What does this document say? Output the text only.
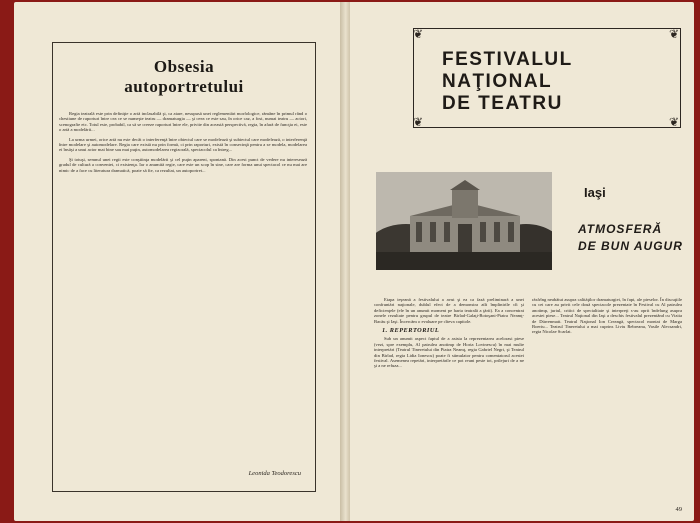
Obsesia
autoportretului

Regia teatrală este prin definiţie o artă inclasabilă şi, ca atare, nesupusă unei reglementări morfologice, rămâne în primul rând o chestiune de raporturi între cea ce se numeşte teatru — dramaturgia — şi ceea ce este sau, în orice caz, a fost, numai teatru — actori, scenografie etc. Totul este, probabil, ca să se creeze raporturi între ele, privite din această perspectivă, regia, în afară de funcţia ei, este o artă a modelării...

La urma urmei, orice artă nu este decât o interferenţă între obiectul care se modelează şi subiectul care modelează, o interferenţă între modelare şi automodelare. Regia care există nu prin formă, ci prin raporturi, există în consecinţă pentru a se modela, modelarea ei însăşi a unui actor mai bine sau mai puţin, automodelarea regizorală, spectacolul ca întreg...

Şi totuşi, semnul unei regii este conştiinţa modelării şi cel puţin aparent, spontană. Din acest punct de vedere nu interesează gradul de cultură a conventei, ci existenţa. Iar o anumită regie, care este un scop în sine, care are forma unui spectacol ce nu mai are nimic de a face cu literatura dramatică, poate să fie, ca rezultat, un autoportret...

Leonida Teodorescu
❦	❦
❦	❦
FESTIVALUL
NAŢIONAL
DE TEATRU
Iaşi
ATMOSFERĂ
DE BUN AUGUR

Etapa ieşeană a festivalului a avut şi ea ca fază preliminară a unei confruntări naţionale, dublul efect de a demonstra atît împlinirile cît şi deficienţele (ele în un anumit moment pe harta teatrală a ţării). Ea a concentrat zonele rezultate pentru grupul de teatre Birlad-Galaţi-Botoşani-Piatra Neamţ-Bacău şi Iaşi. Încercăm o evaluare pe cîteva capitole.

1. REPERTORIUL

Sub un anumit aspect faptul de a asista la reprezentarea acelorasi piese (vezi, spre exemplu, Al patrulea anotimp de Horia Lovinescu) în mai multe interpretări (Teatrul Tineretului din Piatra Neamţ, regia Gabriel Negri, şi Teatrul din Birlad, regia Lidia Ionescu) poate fi stimulator pentru comentatorul acestei festival. Asemenea repetări, interpretările ce pot reuni peste tot, prilejuri de a ne şi a ne refuza...

răsfrîng neabătut asupra calităţilor dramaturgiei, în fapt, ale pieselor. În discuţiile cu cei care au privit cele două spectacole prezentate în Festival cu Al patrulea anotimp, juriul, critici de specialitate şi interpreţi s-au oprit îndelung asupra acestei piese... Teatrul Naţional din Iaşi a deschis festivalul prezentând cu Vizita de Dürrenmatt. Teatrul Naţional Ion Creangă, spectacol montat de Marga Boeriu... Teatrul Tineretului a mai cuprins Liviu Rebreanu, Vasile Alecsandri, regia Nicolae Scarlat.

49
